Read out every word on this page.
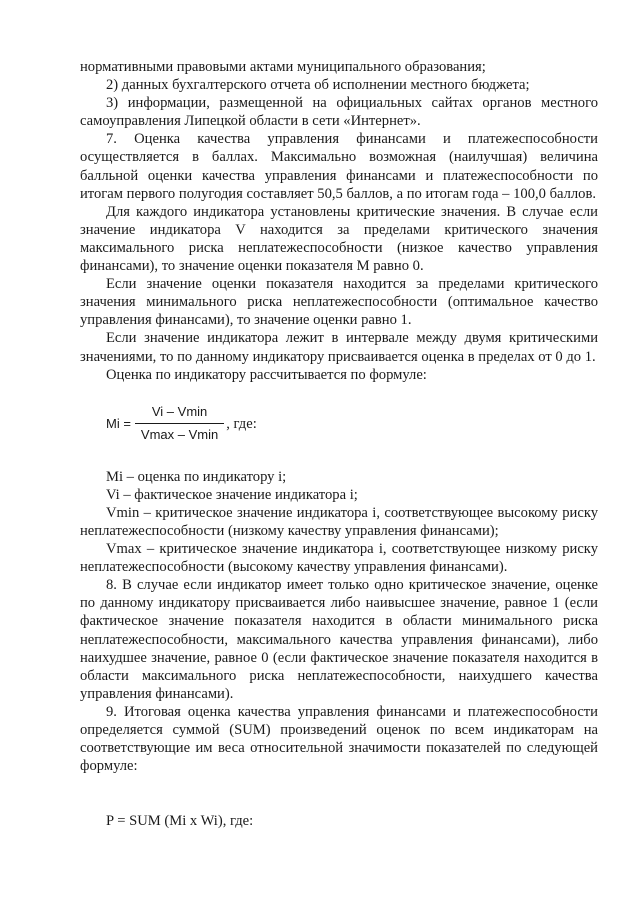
нормативными правовыми актами муниципального образования;

2) данных бухгалтерского отчета об исполнении местного бюджета;

3) информации, размещенной на официальных сайтах органов местного самоуправления Липецкой области в сети «Интернет».

7. Оценка качества управления финансами и платежеспособности осуществляется в баллах. Максимально возможная (наилучшая) величина балльной оценки качества управления финансами и платежеспособности по итогам первого полугодия составляет 50,5 баллов, а по итогам года – 100,0 баллов.

Для каждого индикатора установлены критические значения. В случае если значение индикатора V находится за пределами критического значения максимального риска неплатежеспособности (низкое качество управления финансами), то значение оценки показателя М равно 0.

Если значение оценки показателя находится за пределами критического значения минимального риска неплатежеспособности (оптимальное качество управления финансами), то значение оценки равно 1.

Если значение индикатора лежит в интервале между двумя критическими значениями, то по данному индикатору присваивается оценка в пределах от 0 до 1.

Оценка по индикатору рассчитывается по формуле:

$Mi = \frac{Vi - Vmin}{Vmax - Vmin}$ , где:

Mi – оценка по индикатору i;

Vi – фактическое значение индикатора i;

Vmin – критическое значение индикатора i, соответствующее высокому риску неплатежеспособности (низкому качеству управления финансами);

Vmax – критическое значение индикатора i, соответствующее низкому риску неплатежеспособности (высокому качеству управления финансами).

8. В случае если индикатор имеет только одно критическое значение, оценке по данному индикатору присваивается либо наивысшее значение, равное 1 (если фактическое значение показателя находится в области минимального риска неплатежеспособности, максимального качества управления финансами), либо наихудшее значение, равное 0 (если фактическое значение показателя находится в области максимального риска неплатежеспособности, наихудшего качества управления финансами).

9. Итоговая оценка качества управления финансами и платежеспособности определяется суммой (SUM) произведений оценок по всем индикаторам на соответствующие им веса относительной значимости показателей по следующей формуле:

P = SUM (Mi x Wi), где:
